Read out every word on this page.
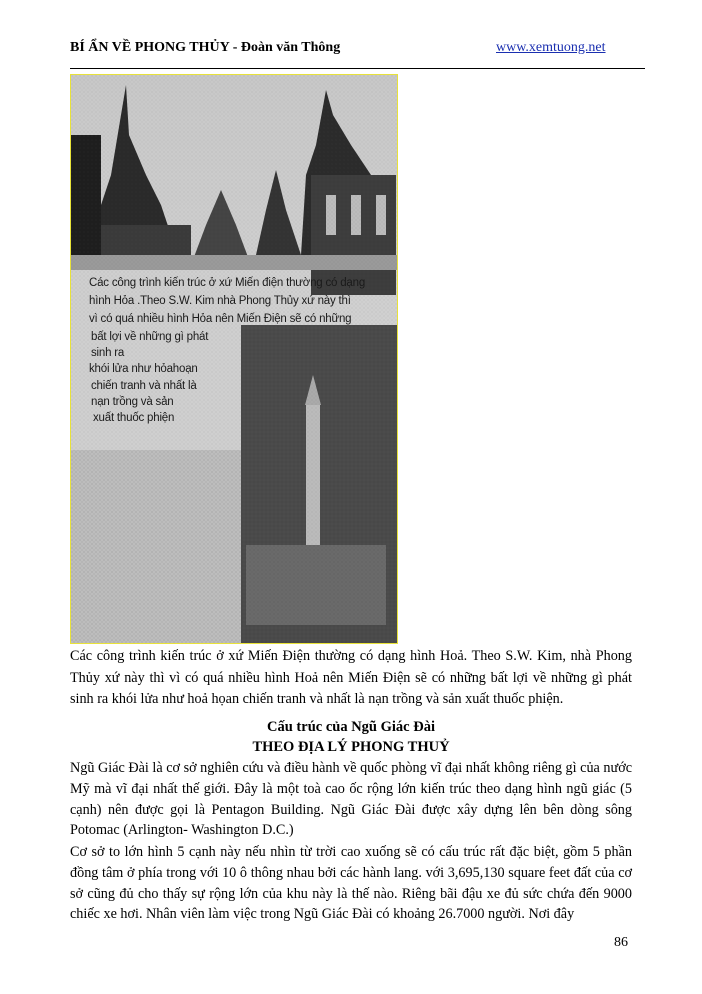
BÍ ẨN VỀ PHONG THỦY - Đoàn văn Thông	www.xemtuong.net
Các công trình kiến trúc ở xứ Miến điện thường có dạng
hình Hỏa .Theo S.W. Kim nhà Phong Thủy xứ này thì
vì có quá nhiều hình Hỏa nên Miến Điện sẽ có những
bất lợi về những gì phát
sinh ra
khói lửa như hỏahoạn
chiến tranh và nhất là
nạn trồng và sản
xuất thuốc phiện
Các công trình kiến trúc ở xứ Miến Điện thường có dạng hình Hoả. Theo S.W. Kim, nhà Phong Thủy xứ này thì vì có quá nhiều hình Hoả nên Miến Điện sẽ có những bất lợi về những gì phát sinh ra khói lửa như hoả họan chiến tranh và nhất là nạn trồng và sản xuất thuốc phiện.
Cấu trúc của Ngũ Giác Đài
THEO ĐỊA LÝ PHONG THUỶ
Ngũ Giác Đài là cơ sở nghiên cứu và điều hành về quốc phòng vĩ đại nhất không riêng gì của nước Mỹ mà vĩ đại nhất thế giới. Đây là một toà cao ốc rộng lớn kiến trúc theo dạng hình ngũ giác (5 cạnh) nên được gọi là Pentagon Building. Ngũ Giác Đài được xây dựng lên bên dòng sông Potomac (Arlington- Washington D.C.)
Cơ sở to lớn hình 5 cạnh này nếu nhìn từ trời cao xuống sẽ có cấu trúc rất đặc biệt, gồm 5 phần đồng tâm ở phía trong với 10 ô thông nhau bởi các hành lang. với 3,695,130 square feet đất của cơ sở cũng đủ cho thấy sự rộng lớn của khu này là thế nào. Riêng bãi đậu xe đủ sức chứa đến 9000 chiếc xe hơi. Nhân viên làm việc trong Ngũ Giác Đài có khoảng 26.7000 người. Nơi đây
86
